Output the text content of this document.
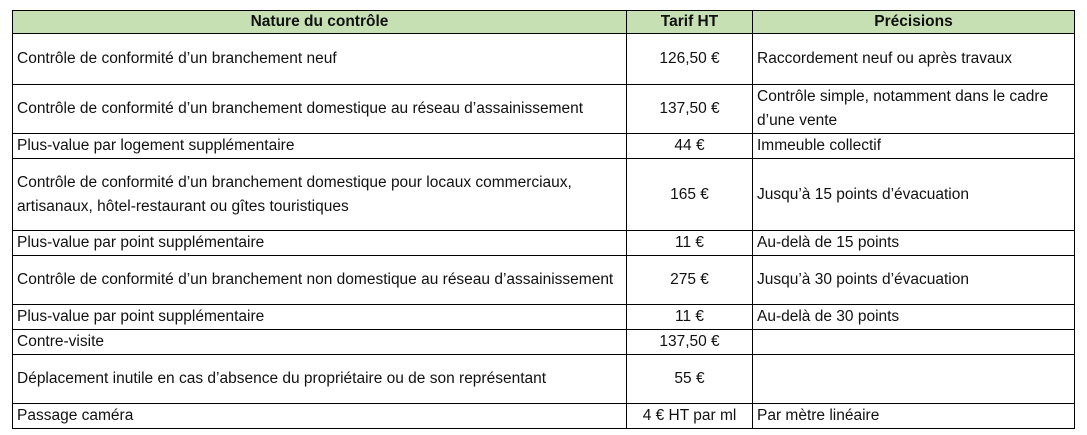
Nature du contrôle	Tarif HT	Précisions
Contrôle de conformité d’un branchement neuf	126,50 €	Raccordement neuf ou après travaux
Contrôle de conformité d’un branchement domestique au réseau d’assainissement	137,50 €	Contrôle simple, notamment dans le cadre d’une vente
Plus-value par logement supplémentaire	44 €	Immeuble collectif
Contrôle de conformité d’un branchement domestique pour locaux commerciaux, artisanaux, hôtel-restaurant ou gîtes touristiques	165 €	Jusqu’à 15 points d’évacuation
Plus-value par point supplémentaire	11 €	Au-delà de 15 points
Contrôle de conformité d’un branchement non domestique au réseau d’assainissement	275 €	Jusqu’à 30 points d’évacuation
Plus-value par point supplémentaire	11 €	Au-delà de 30 points
Contre-visite	137,50 €	
Déplacement inutile en cas d’absence du propriétaire ou de son représentant	55 €	
Passage caméra	4 € HT par ml	Par mètre linéaire
